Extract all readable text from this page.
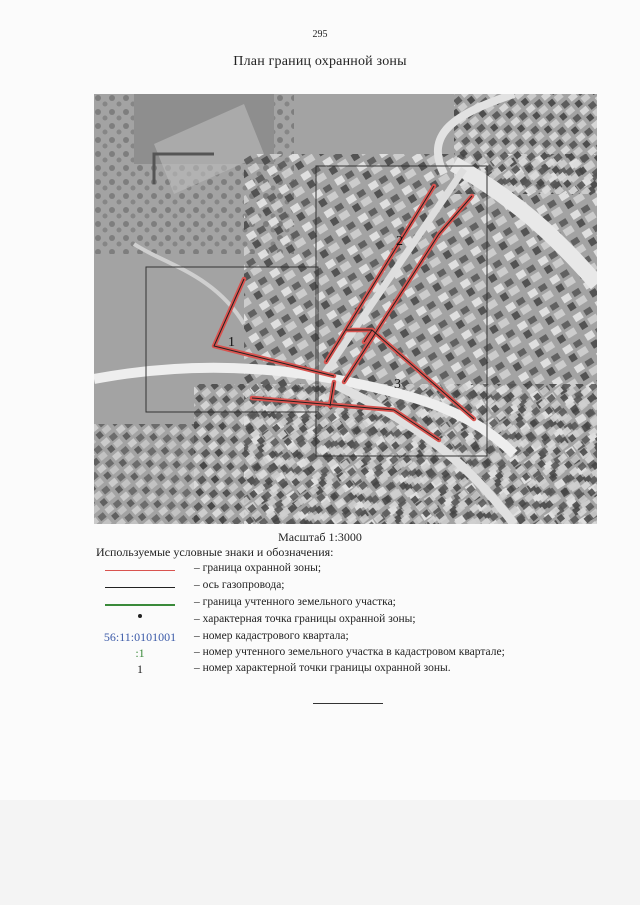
295
План границ охранной зоны
1
2
3
Масштаб 1:3000
Используемые условные знаки и обозначения:
– граница охранной зоны;
– ось газопровода;
– граница учтенного земельного участка;
– характерная точка границы охранной зоны;
56:11:0101001	– номер кадастрового квартала;
:1	– номер учтенного земельного участка в кадастровом квартале;
1	– номер характерной точки границы охранной зоны.
